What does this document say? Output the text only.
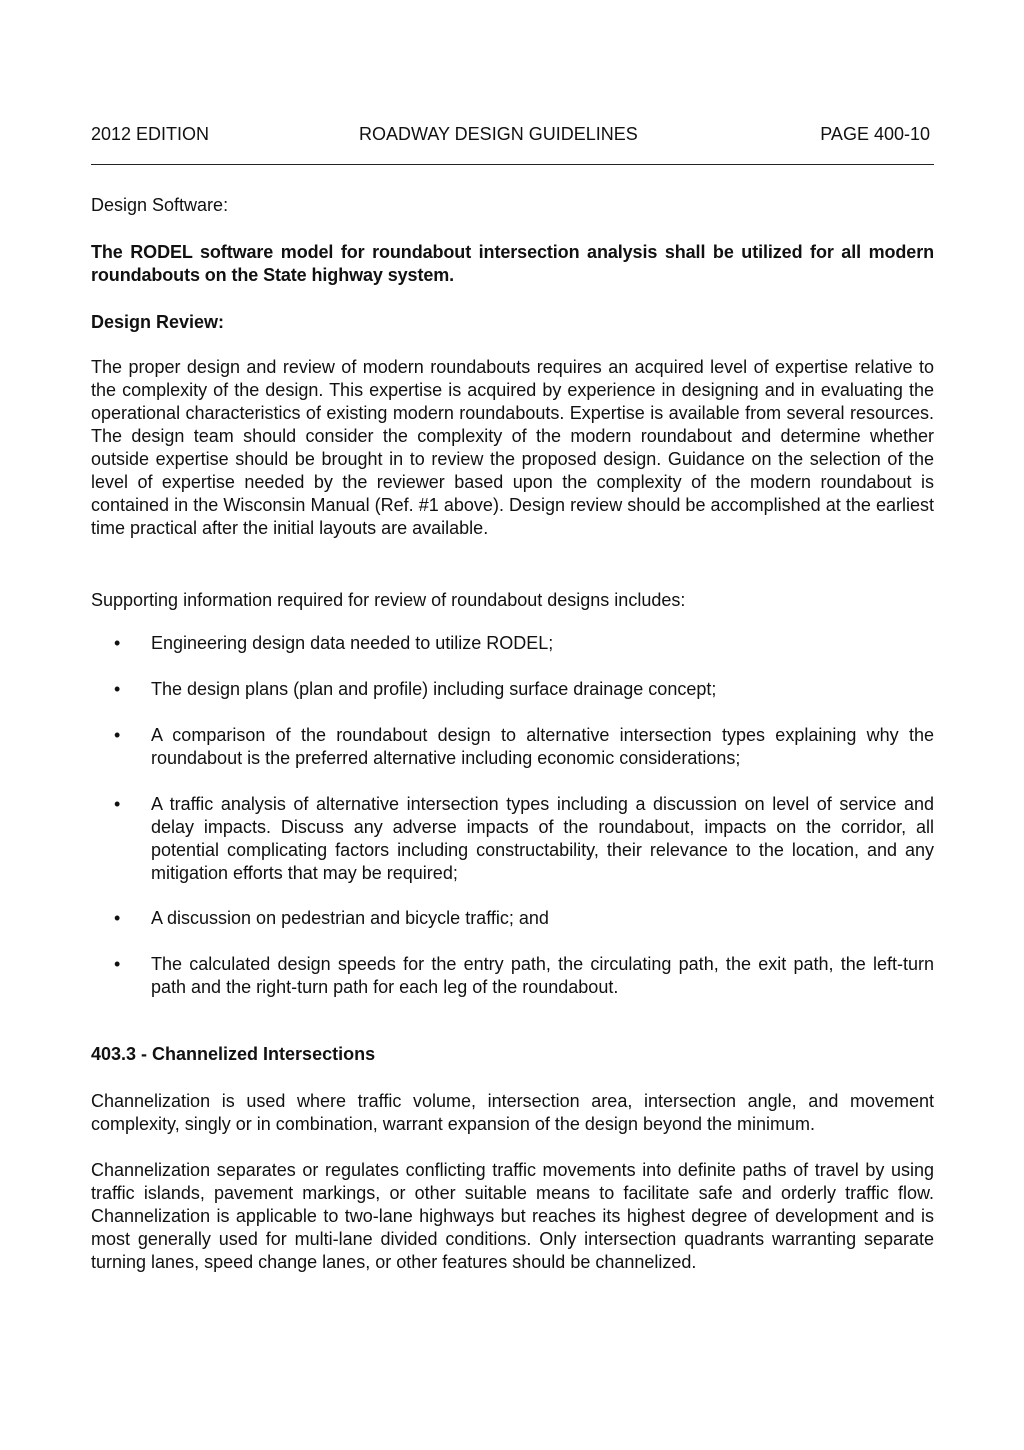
2012 EDITION	ROADWAY DESIGN GUIDELINES	PAGE 400-10
Design Software:
The RODEL software model for roundabout intersection analysis shall be utilized for all modern roundabouts on the State highway system.
Design Review:
The proper design and review of modern roundabouts requires an acquired level of expertise relative to the complexity of the design. This expertise is acquired by experience in designing and in evaluating the operational characteristics of existing modern roundabouts. Expertise is available from several resources. The design team should consider the complexity of the modern roundabout and determine whether outside expertise should be brought in to review the proposed design. Guidance on the selection of the level of expertise needed by the reviewer based upon the complexity of the modern roundabout is contained in the Wisconsin Manual (Ref. #1 above). Design review should be accomplished at the earliest time practical after the initial layouts are available.
Supporting information required for review of roundabout designs includes:
• Engineering design data needed to utilize RODEL;
• The design plans (plan and profile) including surface drainage concept;
• A comparison of the roundabout design to alternative intersection types explaining why the roundabout is the preferred alternative including economic considerations;
• A traffic analysis of alternative intersection types including a discussion on level of service and delay impacts. Discuss any adverse impacts of the roundabout, impacts on the corridor, all potential complicating factors including constructability, their relevance to the location, and any mitigation efforts that may be required;
• A discussion on pedestrian and bicycle traffic; and
• The calculated design speeds for the entry path, the circulating path, the exit path, the left-turn path and the right-turn path for each leg of the roundabout.
403.3 - Channelized Intersections
Channelization is used where traffic volume, intersection area, intersection angle, and movement complexity, singly or in combination, warrant expansion of the design beyond the minimum.
Channelization separates or regulates conflicting traffic movements into definite paths of travel by using traffic islands, pavement markings, or other suitable means to facilitate safe and orderly traffic flow. Channelization is applicable to two-lane highways but reaches its highest degree of development and is most generally used for multi-lane divided conditions. Only intersection quadrants warranting separate turning lanes, speed change lanes, or other features should be channelized.
